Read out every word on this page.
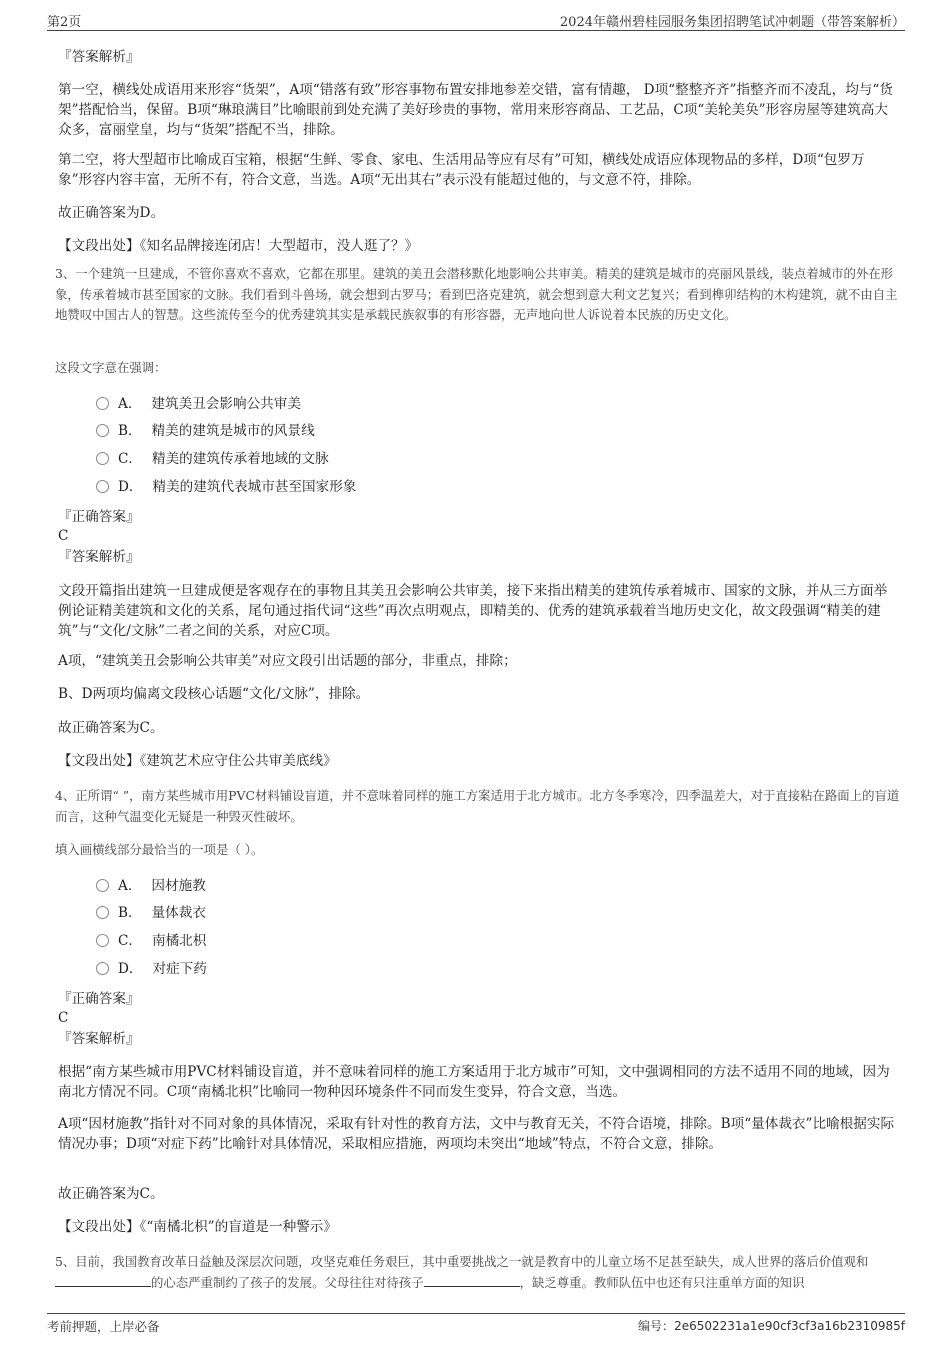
第2页	2024年赣州碧桂园服务集团招聘笔试冲刺题（带答案解析）
『答案解析』

第一空，横线处成语用来形容“货架”，A项“错落有致”形容事物布置安排地参差交错，富有情趣， D项“整整齐齐”指整齐而不凌乱，均与“货架”搭配恰当，保留。B项“琳琅满目”比喻眼前到处充满了美好珍贵的事物，常用来形容商品、工艺品，C项“美轮美奂”形容房屋等建筑高大众多，富丽堂皇，均与“货架”搭配不当，排除。

第二空，将大型超市比喻成百宝箱，根据“生鲜、零食、家电、生活用品等应有尽有”可知，横线处成语应体现物品的多样，D项“包罗万象”形容内容丰富，无所不有，符合文意，当选。A项“无出其右”表示没有能超过他的，与文意不符，排除。

故正确答案为D。

【文段出处】《知名品牌接连闭店！大型超市，没人逛了？》

3、一个建筑一旦建成，不管你喜欢不喜欢，它都在那里。建筑的美丑会潜移默化地影响公共审美。精美的建筑是城市的亮丽风景线，装点着城市的外在形象，传承着城市甚至国家的文脉。我们看到斗兽场，就会想到古罗马；看到巴洛克建筑，就会想到意大利文艺复兴；看到榫卯结构的木构建筑，就不由自主地赞叹中国古人的智慧。这些流传至今的优秀建筑其实是承载民族叙事的有形容器，无声地向世人诉说着本民族的历史文化。

这段文字意在强调：

A． 建筑美丑会影响公共审美
B． 精美的建筑是城市的风景线
C． 精美的建筑传承着地域的文脉
D． 精美的建筑代表城市甚至国家形象
『正确答案』
C
『答案解析』

文段开篇指出建筑一旦建成便是客观存在的事物且其美丑会影响公共审美，接下来指出精美的建筑传承着城市、国家的文脉，并从三方面举例论证精美建筑和文化的关系，尾句通过指代词“这些”再次点明观点，即精美的、优秀的建筑承载着当地历史文化，故文段强调“精美的建筑”与“文化/文脉”二者之间的关系，对应C项。

A项，“建筑美丑会影响公共审美”对应文段引出话题的部分，非重点，排除；

B、D两项均偏离文段核心话题“文化/文脉”，排除。

故正确答案为C。

【文段出处】《建筑艺术应守住公共审美底线》

4、正所谓“ ”，南方某些城市用PVC材料铺设盲道，并不意味着同样的施工方案适用于北方城市。北方冬季寒冷，四季温差大，对于直接粘在路面上的盲道而言，这种气温变化无疑是一种毁灭性破坏。

填入画横线部分最恰当的一项是（ ）。

A． 因材施教
B． 量体裁衣
C． 南橘北枳
D． 对症下药
『正确答案』
C
『答案解析』

根据“南方某些城市用PVC材料铺设盲道，并不意味着同样的施工方案适用于北方城市”可知，文中强调相同的方法不适用不同的地域，因为南北方情况不同。C项“南橘北枳”比喻同一物种因环境条件不同而发生变异，符合文意，当选。

A项“因材施教”指针对不同对象的具体情况，采取有针对性的教育方法，文中与教育无关，不符合语境，排除。B项“量体裁衣”比喻根据实际情况办事；D项“对症下药”比喻针对具体情况，采取相应措施，两项均未突出“地域”特点，不符合文意，排除。

故正确答案为C。

【文段出处】《“南橘北枳”的盲道是一种警示》

5、目前，我国教育改革日益触及深层次问题，攻坚克难任务艰巨，其中重要挑战之一就是教育中的儿童立场不足甚至缺失，成人世界的落后价值观和的心态严重制约了孩子的发展。父母往往对待孩子	，缺乏尊重。教师队伍中也还有只注重单方面的知识

考前押题，上岸必备	编号：2e6502231a1e90cf3cf3a16b2310985f
